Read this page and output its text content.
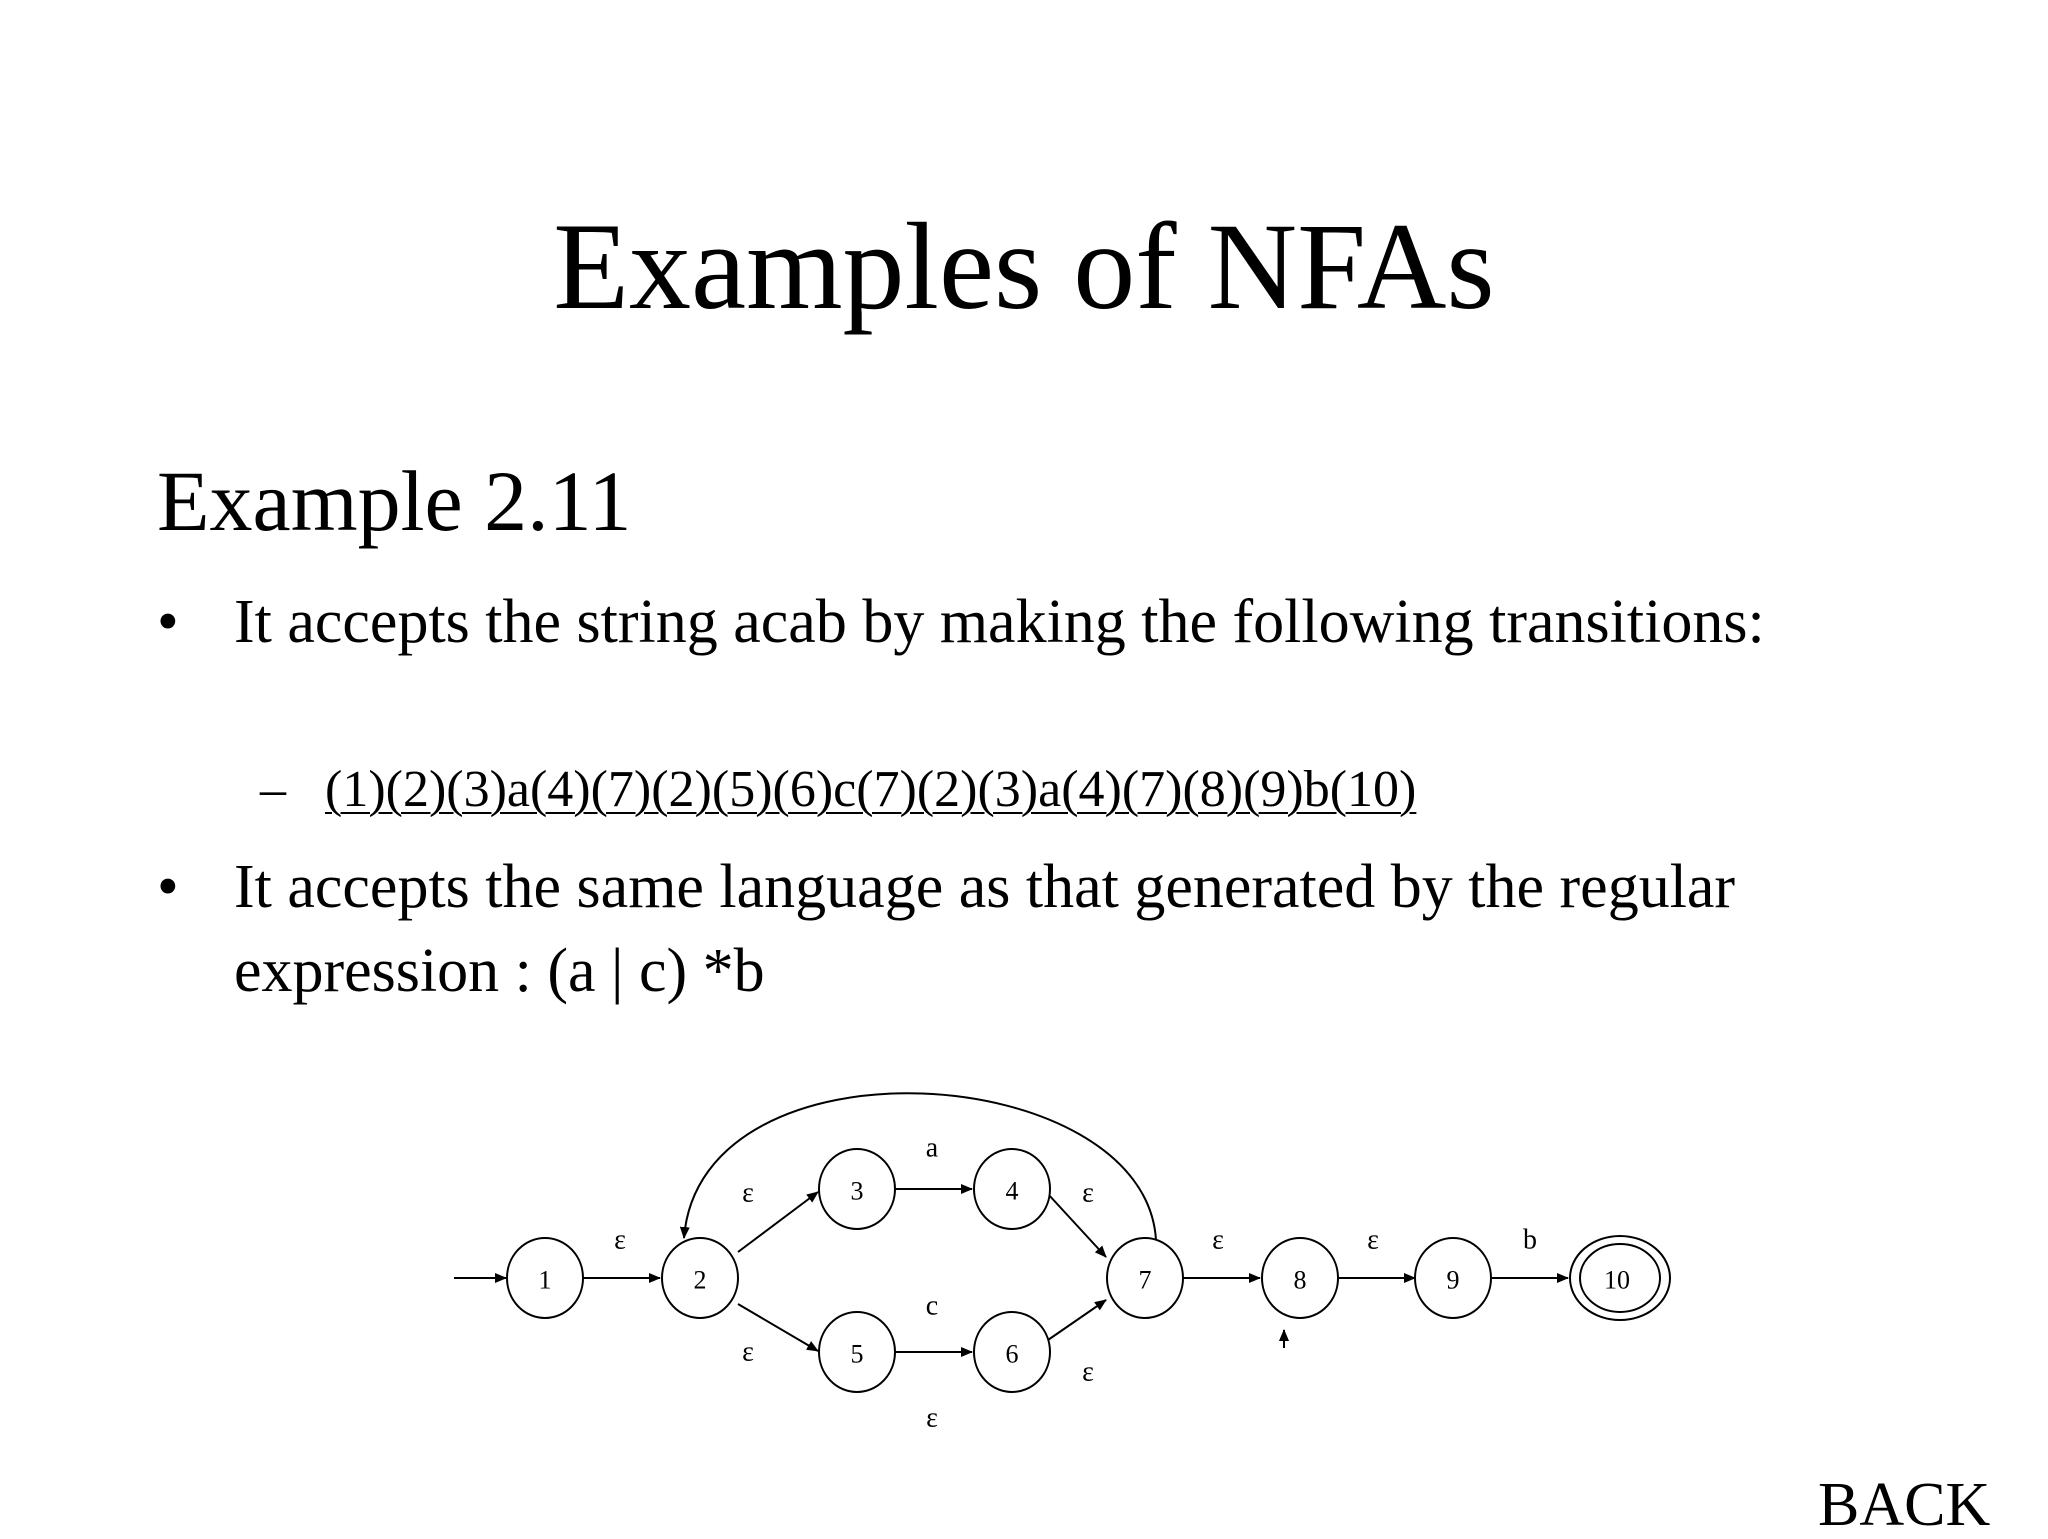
Examples of NFAs
Example 2.11
• It accepts the string acab by making the following transitions:
– (1)(2)(3)a(4)(7)(2)(5)(6)c(7)(2)(3)a(4)(7)(8)(9)b(10)
• It accepts the same language as that generated by the regular expression : (a | c) *b
1	2
3	4
5	6
7	8	9	10
ε
ε
ε
a
c
ε
ε
ε	ε	b
ε
BACK
